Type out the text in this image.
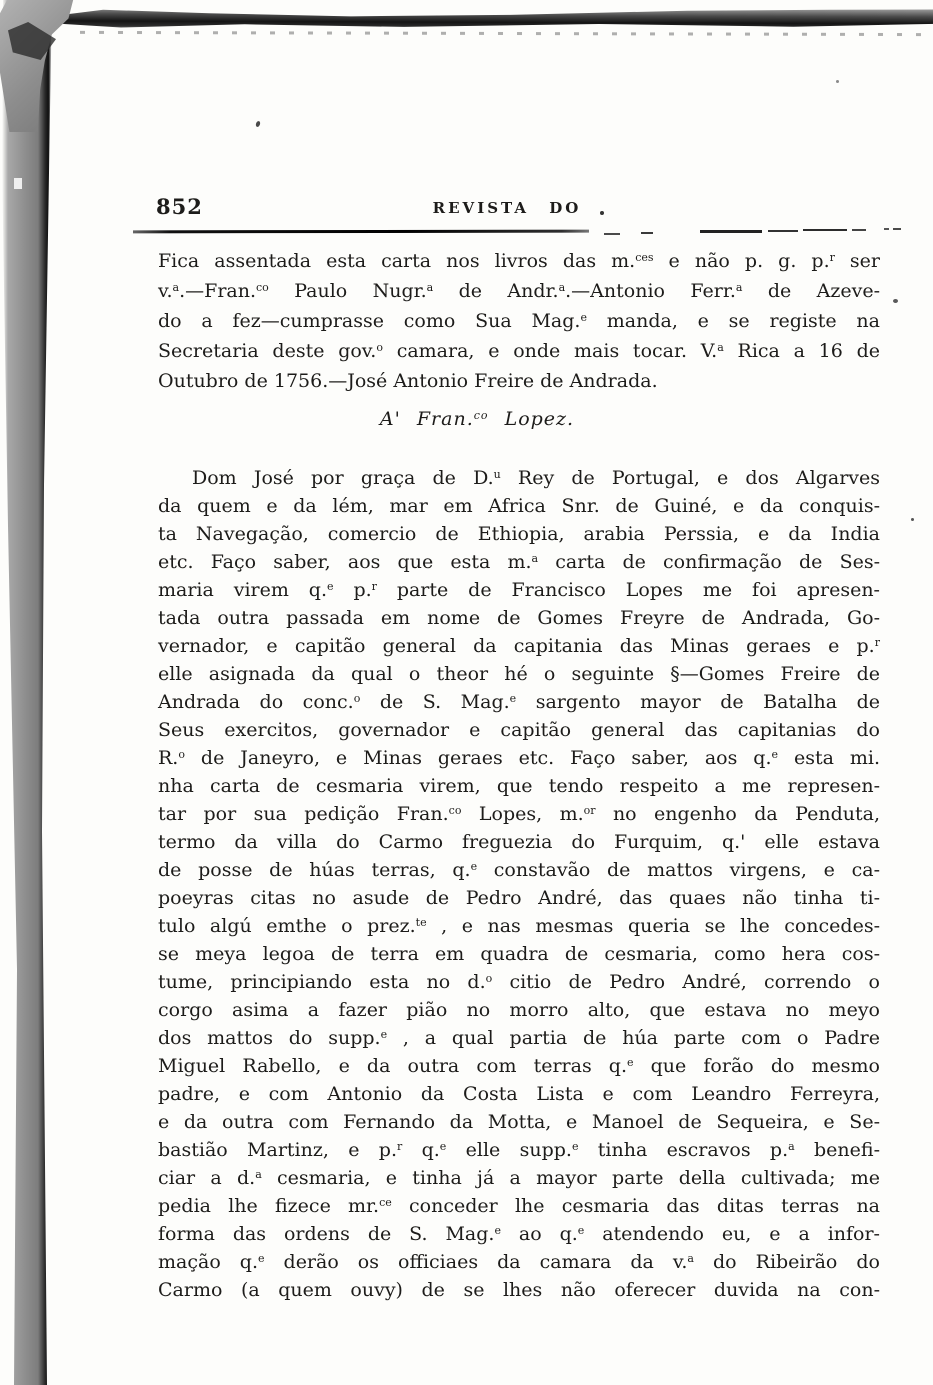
852	REVISTA DO
Fica assentada esta carta nos livros das m.$^{ces}$ e não p. g. p.$^r$ ser
v.$^a$.—Fran.$^{co}$ Paulo Nugr.$^a$ de Andr.$^a$.—Antonio Ferr.$^a$ de Azeve-
do a fez—cumprasse como Sua Mag.$^e$ manda, e se registe na
Secretaria deste gov.$^o$ camara, e onde mais tocar. V.$^a$ Rica a 16 de
Outubro de 1756.—José Antonio Freire de Andrada.
A' Fran.$^{co}$ Lopez.
Dom José por graça de D.$^u$ Rey de Portugal, e dos Algarves
da quem e da lém, mar em Africa Snr. de Guiné, e da conquis-
ta Navegação, comercio de Ethiopia, arabia Perssia, e da India
etc. Faço saber, aos que esta m.$^a$ carta de confirmação de Ses-
maria virem q.$^e$ p.$^r$ parte de Francisco Lopes me foi apresen-
tada outra passada em nome de Gomes Freyre de Andrada, Go-
vernador, e capitão general da capitania das Minas geraes e p.$^r$
elle asignada da qual o theor hé o seguinte §—Gomes Freire de
Andrada do conc.$^o$ de S. Mag.$^e$ sargento mayor de Batalha de
Seus exercitos, governador e capitão general das capitanias do
R.$^o$ de Janeyro, e Minas geraes etc. Faço saber, aos q.$^e$ esta mi.
nha carta de cesmaria virem, que tendo respeito a me represen-
tar por sua pedição Fran.$^{co}$ Lopes, m.$^{or}$ no engenho da Penduta,
termo da villa do Carmo freguezia do Furquim, q.' elle estava
de posse de húas terras, q.$^e$ constavão de mattos virgens, e ca-
poeyras citas no asude de Pedro André, das quaes não tinha ti-
tulo algú emthe o prez.$^{te}$ , e nas mesmas queria se lhe concedes-
se meya legoa de terra em quadra de cesmaria, como hera cos-
tume, principiando esta no d.$^o$ citio de Pedro André, correndo o
corgo asima a fazer pião no morro alto, que estava no meyo
dos mattos do supp.$^e$ , a qual partia de húa parte com o Padre
Miguel Rabello, e da outra com terras q.$^e$ que forão do mesmo
padre, e com Antonio da Costa Lista e com Leandro Ferreyra,
e da outra com Fernando da Motta, e Manoel de Sequeira, e Se-
bastião Martinz, e p.$^r$ q.$^e$ elle supp.$^e$ tinha escravos p.$^a$ benefi-
ciar a d.$^a$ cesmaria, e tinha já a mayor parte della cultivada; me
pedia lhe fizece mr.$^{ce}$ conceder lhe cesmaria das ditas terras na
forma das ordens de S. Mag.$^e$ ao q.$^e$ atendendo eu, e a infor-
mação q.$^e$ derão os officiaes da camara da v.$^a$ do Ribeirão do
Carmo (a quem ouvy) de se lhes não oferecer duvida na con-
